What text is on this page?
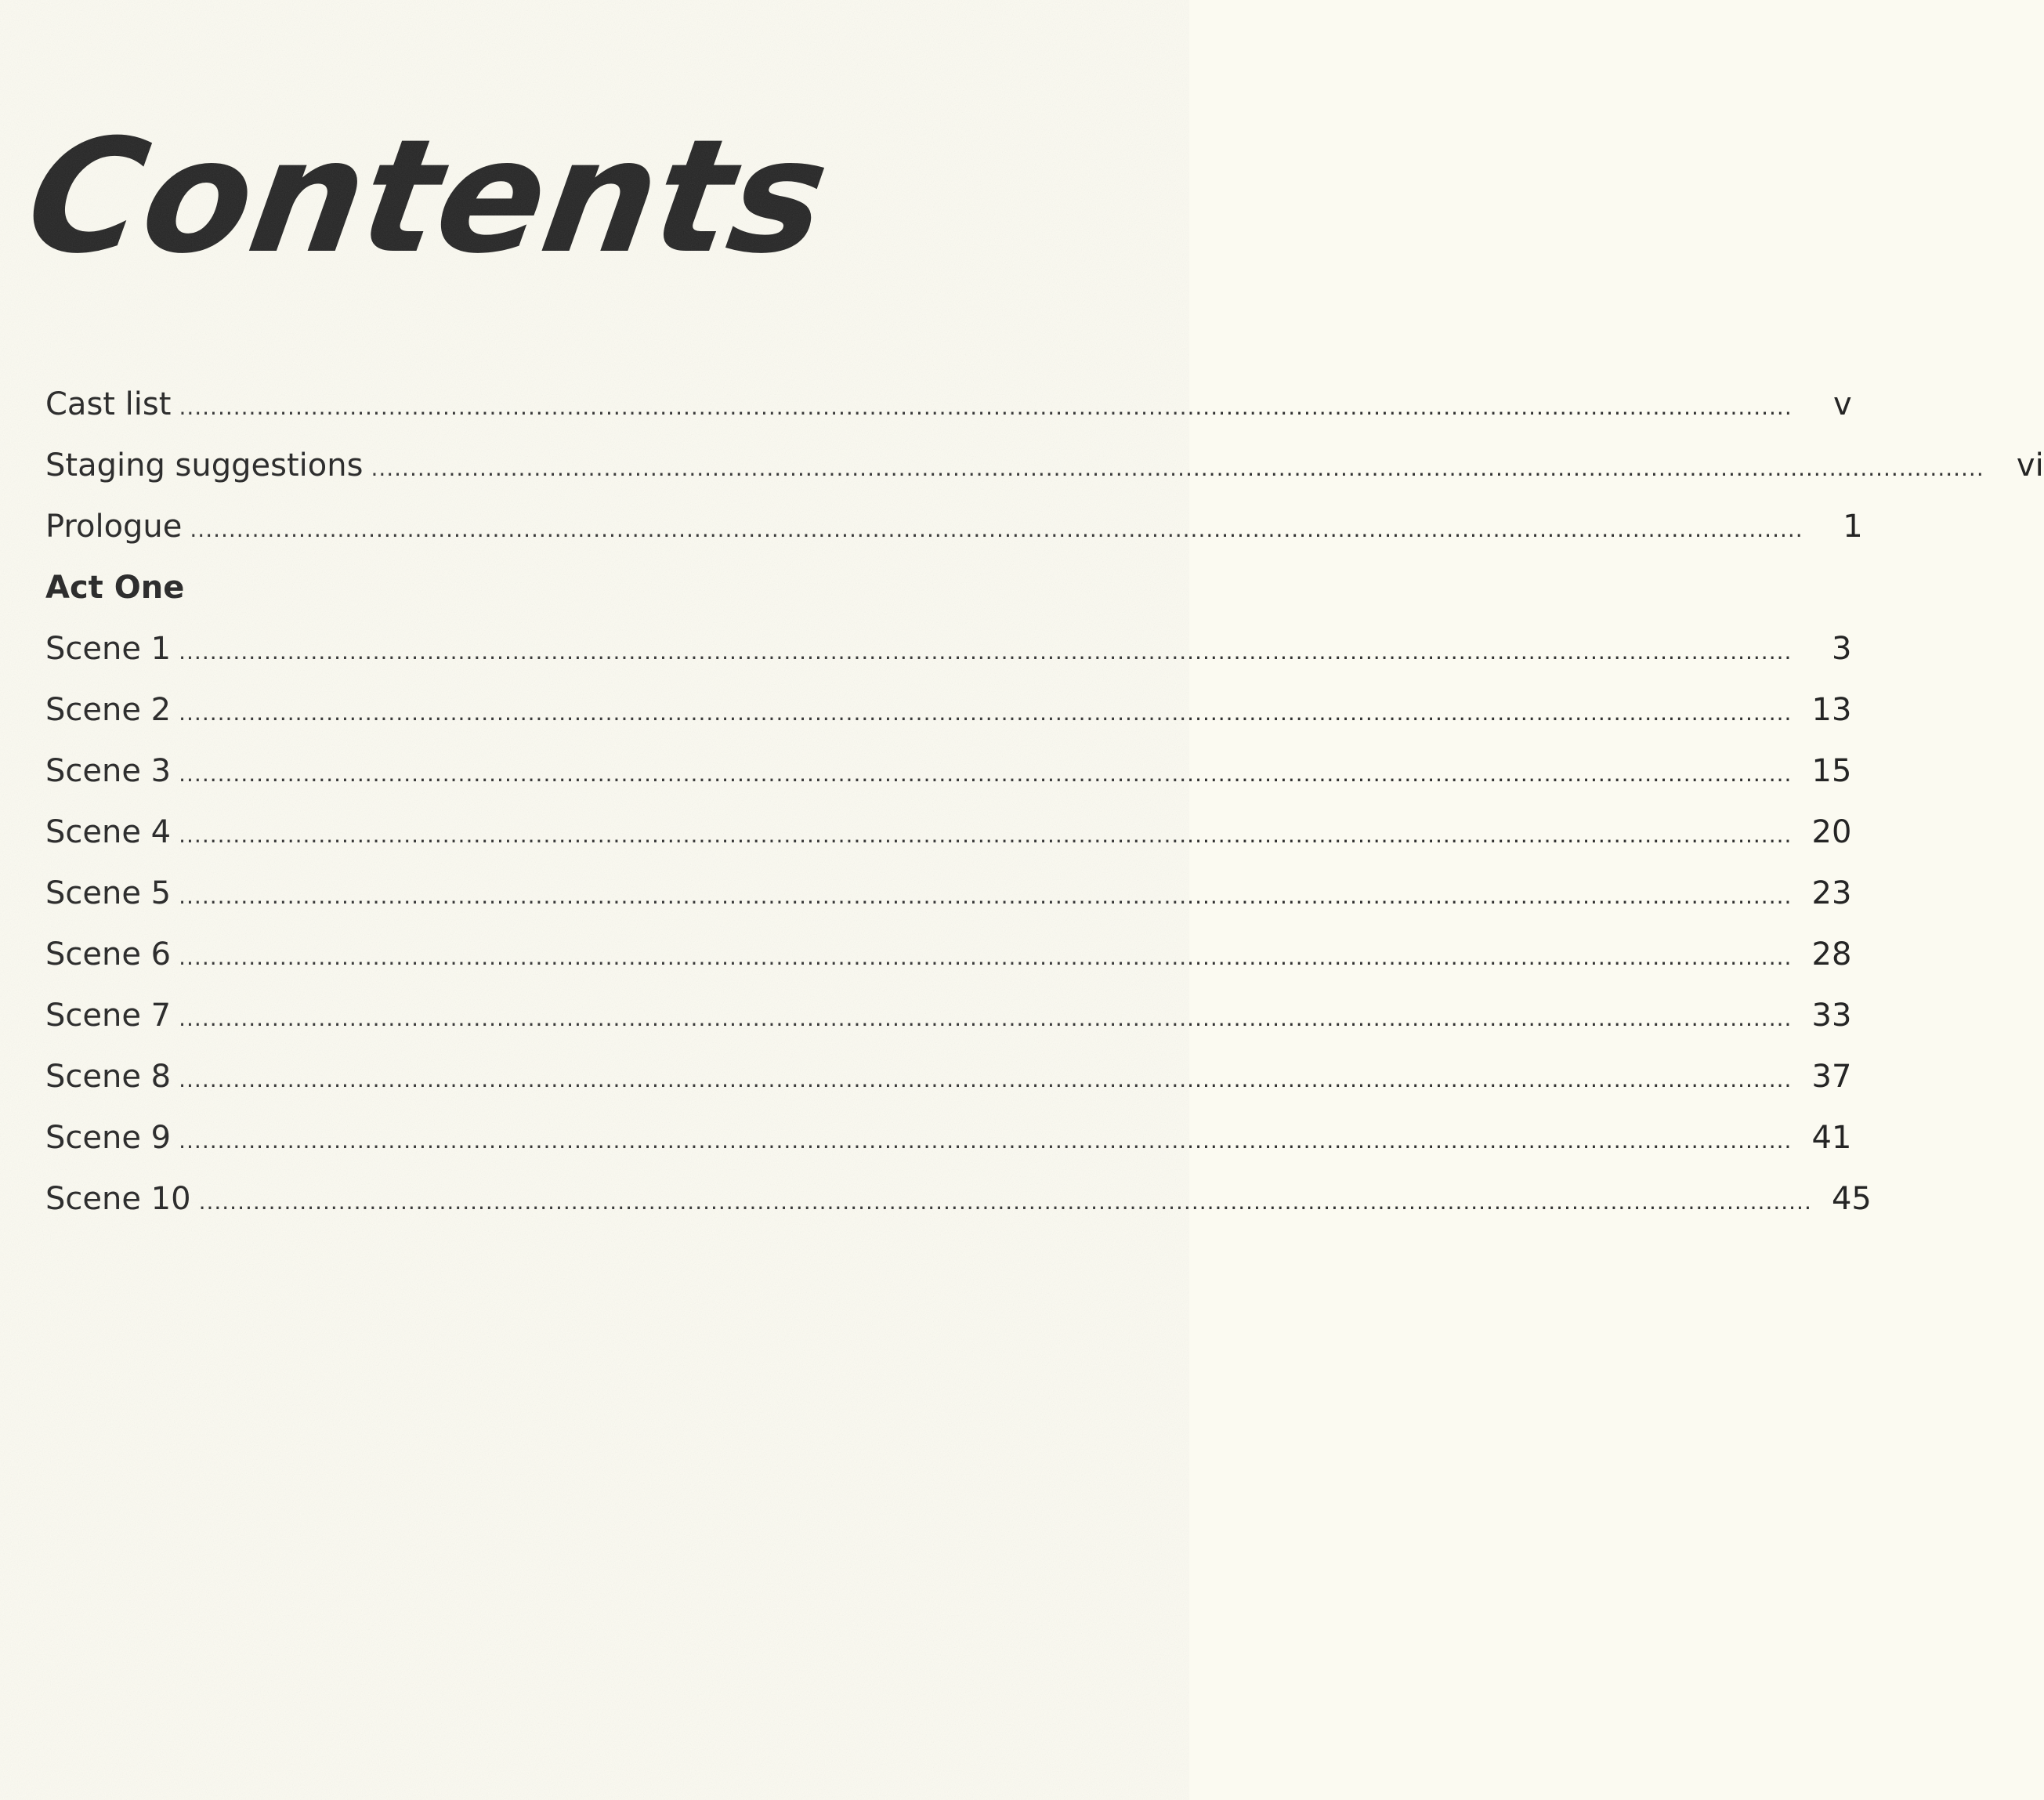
Contents
Cast list ................................................................................................................................................................................................................	v
Staging suggestions ................................................................................................................................................................................................................	vi
Prologue ................................................................................................................................................................................................................	1
Act One
Scene 1 ................................................................................................................................................................................................................	3
Scene 2 ................................................................................................................................................................................................................ 13
Scene 3 ................................................................................................................................................................................................................ 15
Scene 4 ................................................................................................................................................................................................................ 20
Scene 5 ................................................................................................................................................................................................................ 23
Scene 6 ................................................................................................................................................................................................................ 28
Scene 7 ................................................................................................................................................................................................................ 33
Scene 8 ................................................................................................................................................................................................................ 37
Scene 9 ................................................................................................................................................................................................................ 41
Scene 10 ................................................................................................................................................................................................................ 45
